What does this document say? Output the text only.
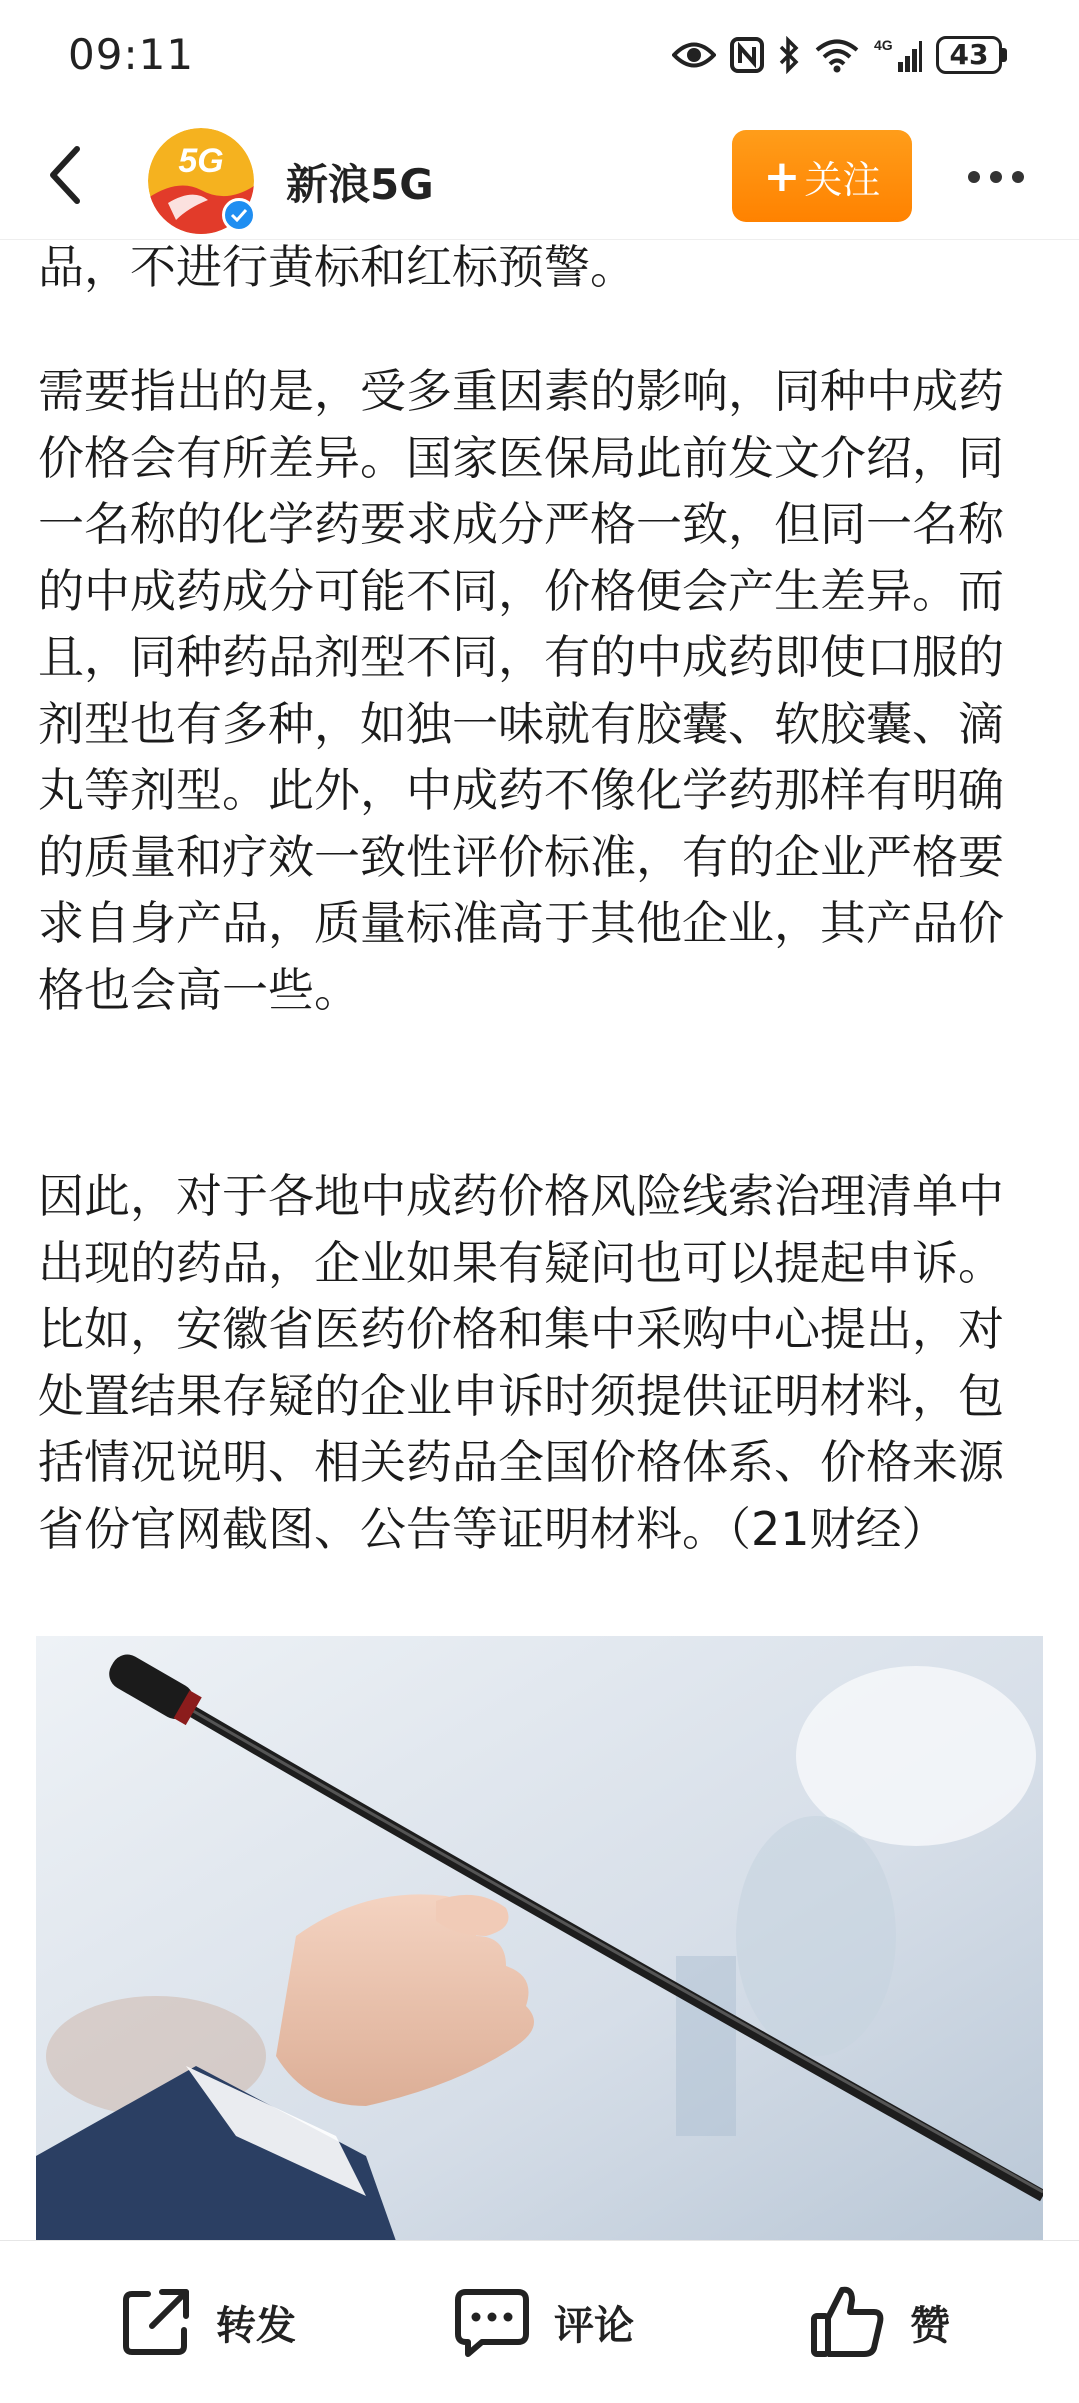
09:11	4G	43
5G 新浪5G	+ 关注
品，不进行黄标和红标预警。
需要指出的是，受多重因素的影响，同种中成药价格会有所差异。国家医保局此前发文介绍，同一名称的化学药要求成分严格一致，但同一名称的中成药成分可能不同，价格便会产生差异。而且，同种药品剂型不同，有的中成药即使口服的剂型也有多种，如独一味就有胶囊、软胶囊、滴丸等剂型。此外，中成药不像化学药那样有明确的质量和疗效一致性评价标准，有的企业严格要求自身产品，质量标准高于其他企业，其产品价格也会高一些。
因此，对于各地中成药价格风险线索治理清单中出现的药品，企业如果有疑问也可以提起申诉。比如，安徽省医药价格和集中采购中心提出，对处置结果存疑的企业申诉时须提供证明材料，包括情况说明、相关药品全国价格体系、价格来源省份官网截图、公告等证明材料。（21财经）
转发	评论	赞
